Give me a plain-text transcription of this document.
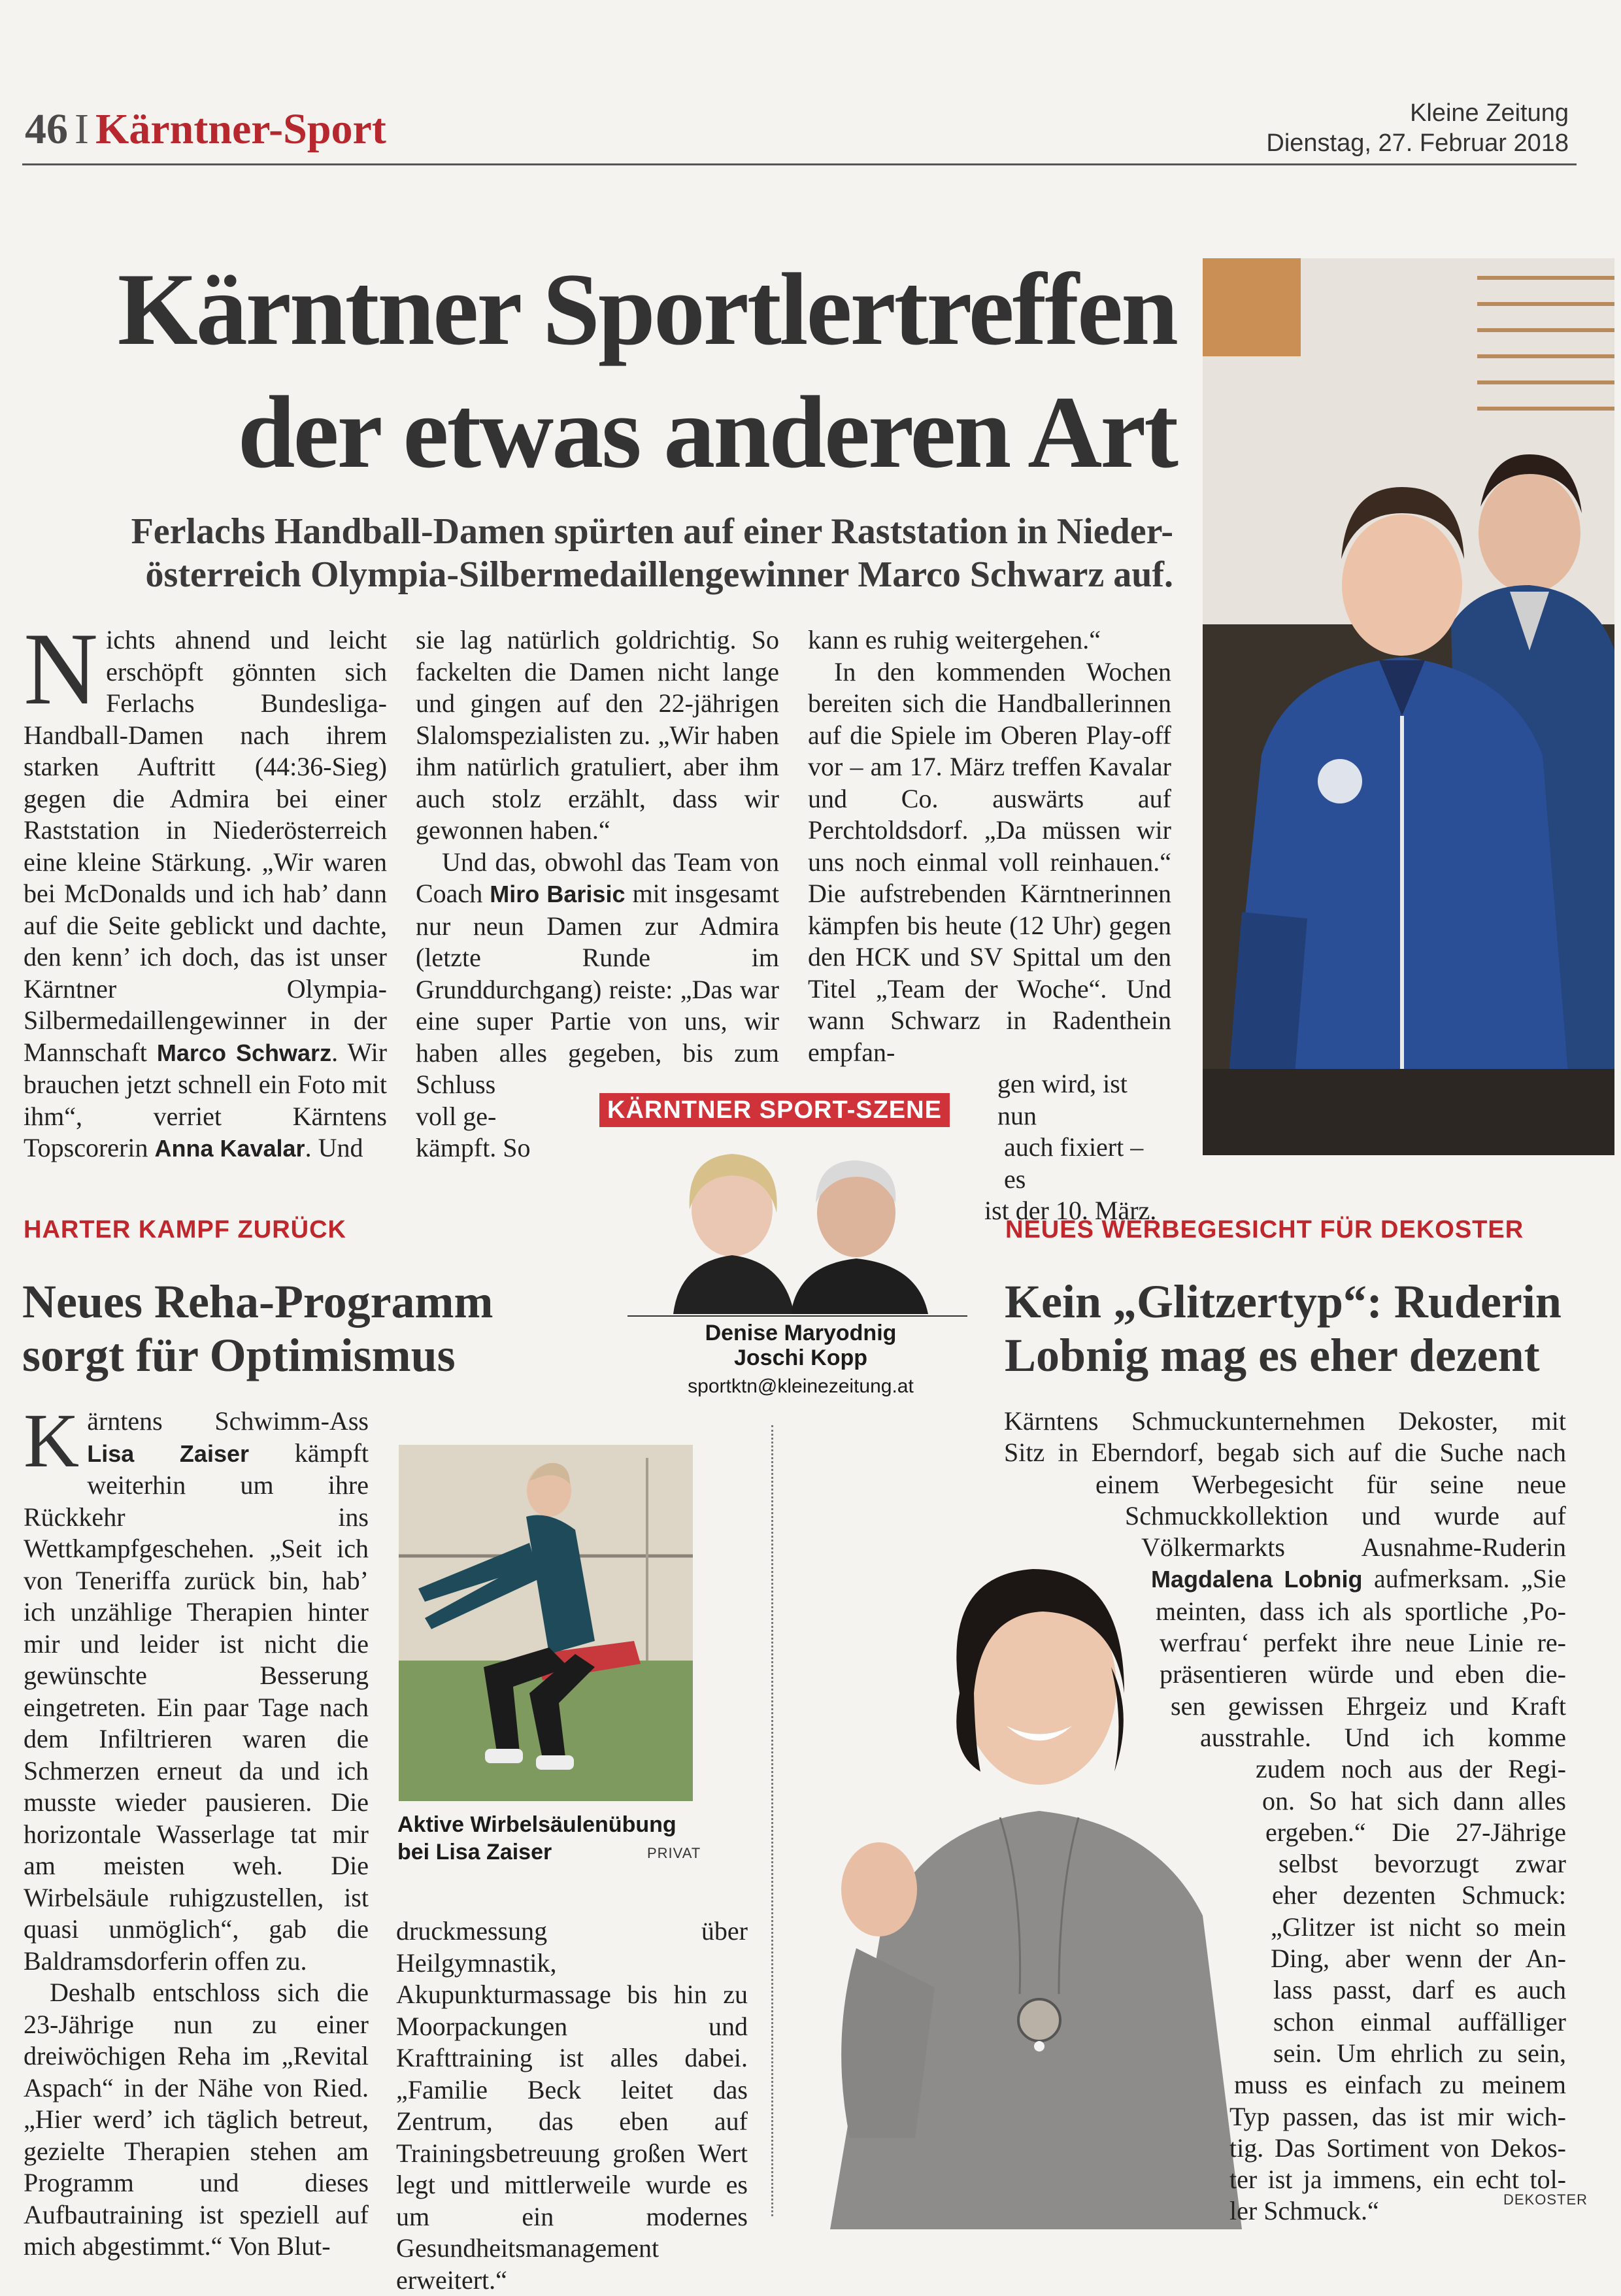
46 I Kärntner-Sport	Kleine Zeitung
Dienstag, 27. Februar 2018
Kärntner Sportlertreffen
der etwas anderen Art
Ferlachs Handball-Damen spürten auf einer Raststation in Nieder-
österreich Olympia-Silbermedaillengewinner Marco Schwarz auf.

Nichts ahnend und leicht erschöpft gönnten sich Ferlachs Bundesliga-Handball-Damen nach ihrem starken Auftritt (44:36-Sieg) gegen die Admira bei einer Raststation in Niederösterreich eine kleine Stärkung. „Wir waren bei McDonalds und ich hab’ dann auf die Seite geblickt und dachte, den kenn’ ich doch, das ist unser Kärntner Olympia-Silbermedaillengewinner in der Mannschaft Marco Schwarz. Wir brauchen jetzt schnell ein Foto mit ihm“, verriet Kärntens Topscorerin Anna Kavalar. Und

sie lag natürlich goldrichtig. So fackelten die Damen nicht lange und gingen auf den 22-jährigen Slalomspezialisten zu. „Wir haben ihm natürlich gratuliert, aber ihm auch stolz erzählt, dass wir gewonnen haben.“

Und das, obwohl das Team von Coach Miro Barisic mit insgesamt nur neun Damen zur Admira (letzte Runde im Grunddurchgang) reiste: „Das war eine super Partie von uns, wir haben alles gegeben, bis zum Schluss

voll ge-

kämpft. So

kann es ruhig weitergehen.“

In den kommenden Wochen bereiten sich die Handballerinnen auf die Spiele im Oberen Play-off vor – am 17. März treffen Kavalar und Co. auswärts auf Perchtoldsdorf. „Da müssen wir uns noch einmal voll reinhauen.“ Die aufstrebenden Kärntnerinnen kämpfen bis heute (12 Uhr) gegen den HCK und SV Spittal um den Titel „Team der Woche“. Und wann Schwarz in Radenthein empfan-

gen wird, ist nun

auch fixiert – es

ist der 10. März.

KÄRNTNER SPORT-SZENE
HARTER KAMPF ZURÜCK
Neues Reha-Programm
sorgt für Optimismus

Kärntens Schwimm-Ass Lisa Zaiser kämpft weiterhin um ihre Rückkehr ins Wettkampfgeschehen. „Seit ich von Teneriffa zurück bin, hab’ ich unzählige Therapien hinter mir und leider ist nicht die gewünschte Besserung eingetreten. Ein paar Tage nach dem Infiltrieren waren die Schmerzen erneut da und ich musste wieder pausieren. Die horizontale Wasserlage tat mir am meisten weh. Die Wirbelsäule ruhigzustellen, ist quasi unmöglich“, gab die Baldramsdorferin offen zu.

Deshalb entschloss sich die 23-Jährige nun zu einer dreiwöchigen Reha im „Revital Aspach“ in der Nähe von Ried. „Hier werd’ ich täglich betreut, gezielte Therapien stehen am Programm und dieses Aufbautraining ist speziell auf mich abgestimmt.“ Von Blut-

Aktive Wirbelsäulenübung
bei Lisa Zaiser	PRIVAT

druckmessung über Heilgymnastik, Akupunkturmassage bis hin zu Moorpackungen und Krafttraining ist alles dabei. „Familie Beck leitet das Zentrum, das eben auf Trainingsbetreuung großen Wert legt und mittlerweile wurde es um ein modernes Gesundheitsmanagement erweitert.“

Denise Maryodnig
Joschi Kopp
sportktn@kleinezeitung.at
NEUES WERBEGESICHT FÜR DEKOSTER
Kein „Glitzertyp“: Ruderin
Lobnig mag es eher dezent
Kärntens Schmuckunternehmen Dekoster, mit
Sitz in Eberndorf, begab sich auf die Suche nach
einem Werbegesicht für seine neue
Schmuckkollektion und wurde auf
Völkermarkts Ausnahme-Ruderin
Magdalena Lobnig aufmerksam. „Sie
meinten, dass ich als sportliche ‚Po-
werfrau‘ perfekt ihre neue Linie re-
präsentieren würde und eben die-
sen gewissen Ehrgeiz und Kraft
ausstrahle. Und ich komme
zudem noch aus der Regi-
on. So hat sich dann alles
ergeben.“ Die 27-Jährige
selbst bevorzugt zwar
eher dezenten Schmuck:
„Glitzer ist nicht so mein
Ding, aber wenn der An-
lass passt, darf es auch
schon einmal auffälliger
sein. Um ehrlich zu sein,
muss es einfach zu meinem
Typ passen, das ist mir wich-
tig. Das Sortiment von Dekos-
ter ist ja immens, ein echt tol-
ler Schmuck.“	DEKOSTER
